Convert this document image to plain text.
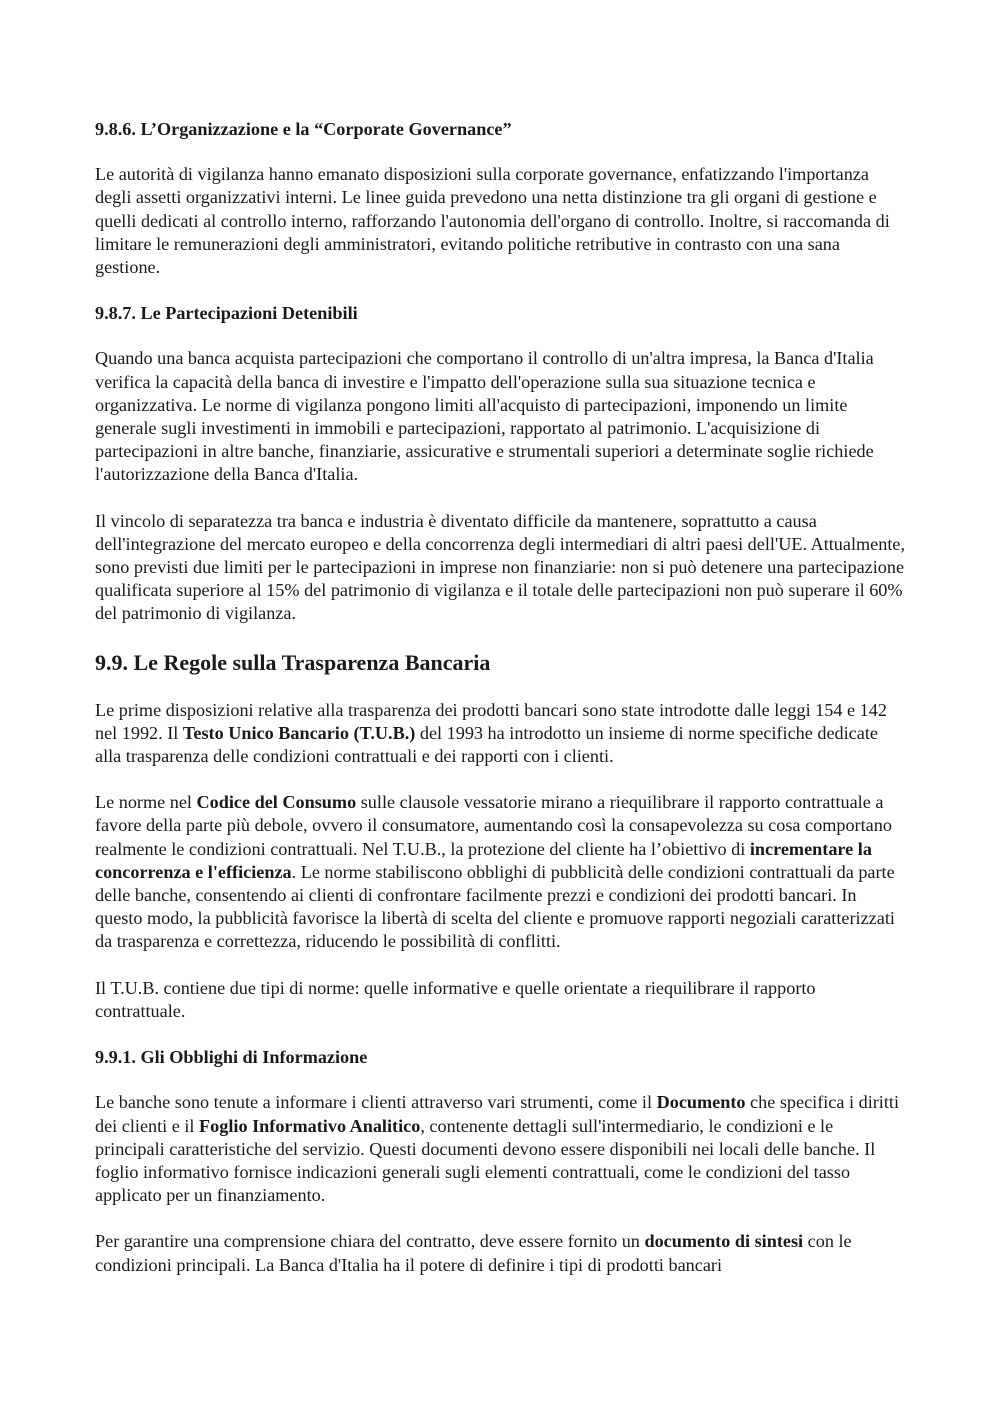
9.8.6. L’Organizzazione e la “Corporate Governance”

Le autorità di vigilanza hanno emanato disposizioni sulla corporate governance, enfatizzando l'importanza degli assetti organizzativi interni. Le linee guida prevedono una netta distinzione tra gli organi di gestione e quelli dedicati al controllo interno, rafforzando l'autonomia dell'organo di controllo. Inoltre, si raccomanda di limitare le remunerazioni degli amministratori, evitando politiche retributive in contrasto con una sana gestione.

9.8.7. Le Partecipazioni Detenibili

Quando una banca acquista partecipazioni che comportano il controllo di un'altra impresa, la Banca d'Italia verifica la capacità della banca di investire e l'impatto dell'operazione sulla sua situazione tecnica e organizzativa. Le norme di vigilanza pongono limiti all'acquisto di partecipazioni, imponendo un limite generale sugli investimenti in immobili e partecipazioni, rapportato al patrimonio. L'acquisizione di partecipazioni in altre banche, finanziarie, assicurative e strumentali superiori a determinate soglie richiede l'autorizzazione della Banca d'Italia.

Il vincolo di separatezza tra banca e industria è diventato difficile da mantenere, soprattutto a causa dell'integrazione del mercato europeo e della concorrenza degli intermediari di altri paesi dell'UE. Attualmente, sono previsti due limiti per le partecipazioni in imprese non finanziarie: non si può detenere una partecipazione qualificata superiore al 15% del patrimonio di vigilanza e il totale delle partecipazioni non può superare il 60% del patrimonio di vigilanza.

9.9. Le Regole sulla Trasparenza Bancaria

Le prime disposizioni relative alla trasparenza dei prodotti bancari sono state introdotte dalle leggi 154 e 142 nel 1992. Il Testo Unico Bancario (T.U.B.) del 1993 ha introdotto un insieme di norme specifiche dedicate alla trasparenza delle condizioni contrattuali e dei rapporti con i clienti.

Le norme nel Codice del Consumo sulle clausole vessatorie mirano a riequilibrare il rapporto contrattuale a favore della parte più debole, ovvero il consumatore, aumentando così la consapevolezza su cosa comportano realmente le condizioni contrattuali. Nel T.U.B., la protezione del cliente ha l’obiettivo di incrementare la concorrenza e l'efficienza. Le norme stabiliscono obblighi di pubblicità delle condizioni contrattuali da parte delle banche, consentendo ai clienti di confrontare facilmente prezzi e condizioni dei prodotti bancari. In questo modo, la pubblicità favorisce la libertà di scelta del cliente e promuove rapporti negoziali caratterizzati da trasparenza e correttezza, riducendo le possibilità di conflitti.

Il T.U.B. contiene due tipi di norme: quelle informative e quelle orientate a riequilibrare il rapporto contrattuale.

9.9.1. Gli Obblighi di Informazione

Le banche sono tenute a informare i clienti attraverso vari strumenti, come il Documento che specifica i diritti dei clienti e il Foglio Informativo Analitico, contenente dettagli sull'intermediario, le condizioni e le principali caratteristiche del servizio. Questi documenti devono essere disponibili nei locali delle banche. Il foglio informativo fornisce indicazioni generali sugli elementi contrattuali, come le condizioni del tasso applicato per un finanziamento.

Per garantire una comprensione chiara del contratto, deve essere fornito un documento di sintesi con le condizioni principali. La Banca d'Italia ha il potere di definire i tipi di prodotti bancari
